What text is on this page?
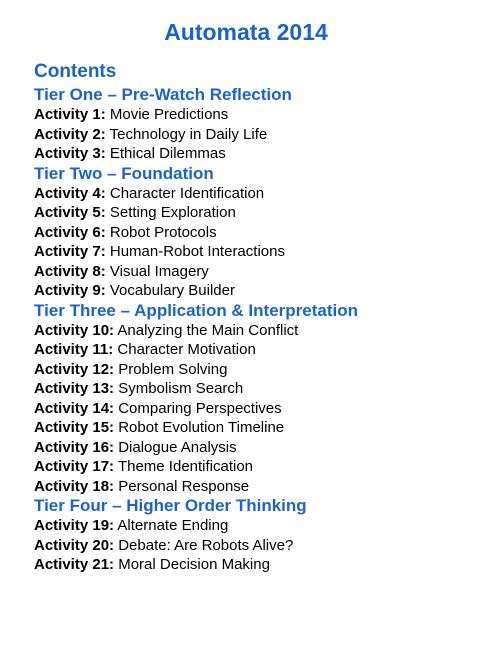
Automata 2014
Contents
Tier One – Pre-Watch Reflection
Activity 1: Movie Predictions
Activity 2: Technology in Daily Life
Activity 3: Ethical Dilemmas
Tier Two – Foundation
Activity 4: Character Identification
Activity 5: Setting Exploration
Activity 6: Robot Protocols
Activity 7: Human-Robot Interactions
Activity 8: Visual Imagery
Activity 9: Vocabulary Builder
Tier Three – Application & Interpretation
Activity 10: Analyzing the Main Conflict
Activity 11: Character Motivation
Activity 12: Problem Solving
Activity 13: Symbolism Search
Activity 14: Comparing Perspectives
Activity 15: Robot Evolution Timeline
Activity 16: Dialogue Analysis
Activity 17: Theme Identification
Activity 18: Personal Response
Tier Four – Higher Order Thinking
Activity 19: Alternate Ending
Activity 20: Debate: Are Robots Alive?
Activity 21: Moral Decision Making
